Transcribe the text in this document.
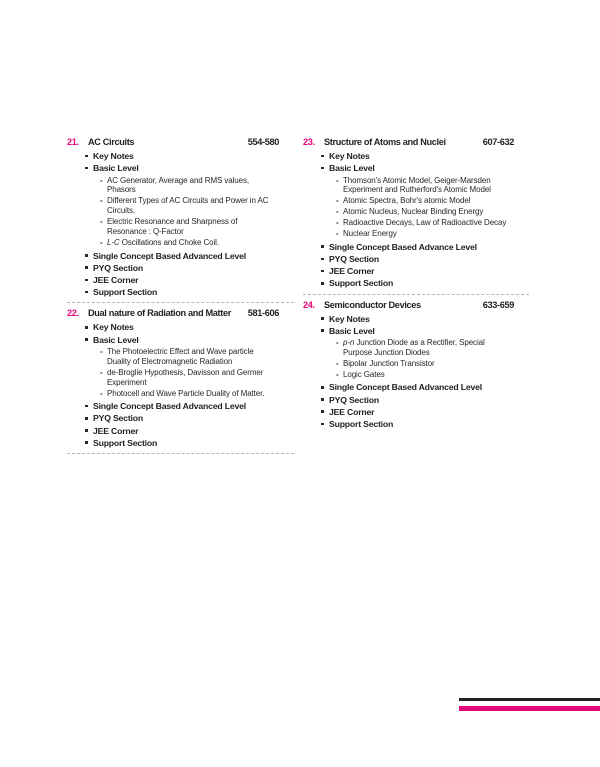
21.	AC Circuits	554-580
Key Notes
Basic Level
- AC Generator, Average and RMS values, Phasors
- Different Types of AC Circuits and Power in AC Circuits.
- Electric Resonance and Sharpness of Resonance : Q-Factor
- L-C Oscillations and Choke Coil.
Single Concept Based Advanced Level
PYQ Section
JEE Corner
Support Section
22.	Dual nature of Radiation and Matter	581-606
Key Notes
Basic Level
- The Photoelectric Effect and Wave particle Duality of Electromagnetic Radiation
- de-Broglie Hypothesis, Davisson and Germer Experiment
- Photocell and Wave Particle Duality of Matter.
Single Concept Based Advanced Level
PYQ Section
JEE Corner
Support Section
23.	Structure of Atoms and Nuclei	607-632
Key Notes
Basic Level
- Thomson's Atomic Model, Geiger-Marsden Experiment and Rutherford's Atomic Model
- Atomic Spectra, Bohr's atomic Model
- Atomic Nucleus, Nuclear Binding Energy
- Radioactive Decays, Law of Radioactive Decay
- Nuclear Energy
Single Concept Based Advance Level
PYQ Section
JEE Corner
Support Section
24.	Semiconductor Devices	633-659
Key Notes
Basic Level
- p-n Junction Diode as a Rectifier, Special Purpose Junction Diodes
- Bipolar Junction Transistor
- Logic Gates
Single Concept Based Advanced Level
PYQ Section
JEE Corner
Support Section
